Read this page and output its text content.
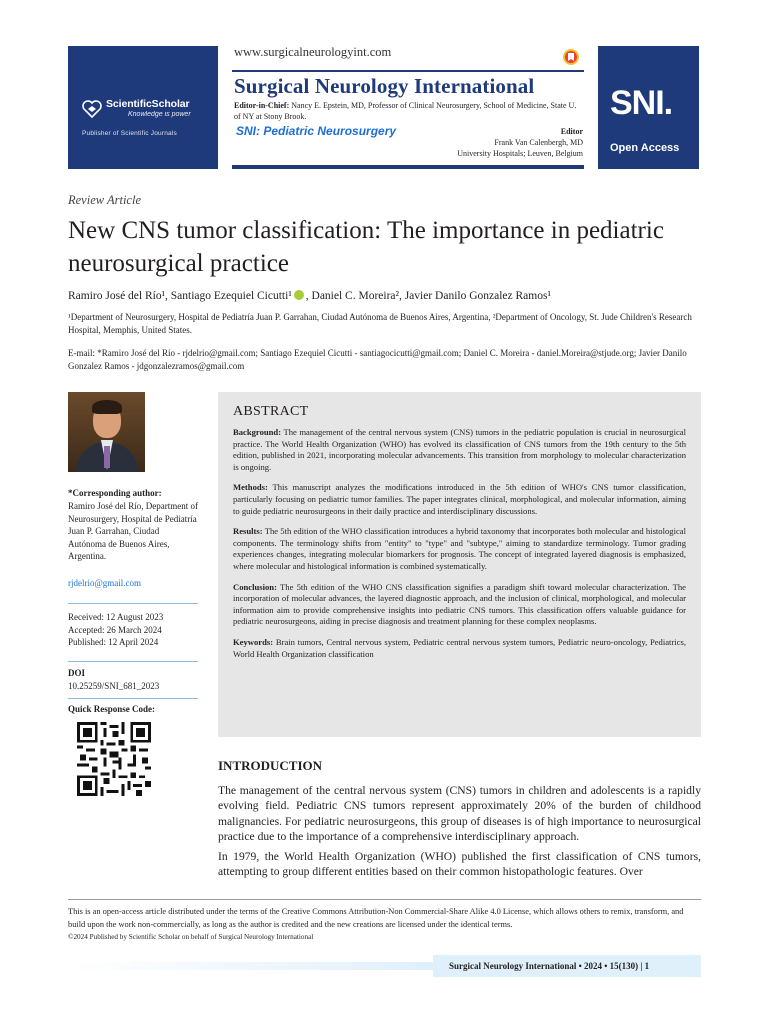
ScientificScholar
Knowledge is power
Publisher of Scientific Journals
www.surgicalneurologyint.com
Surgical Neurology International
Editor-in-Chief: Nancy E. Epstein, MD, Professor of Clinical Neurosurgery, School of Medicine, State U. of NY at Stony Brook.
SNI: Pediatric Neurosurgery	Editor
Frank Van Calenbergh, MD
University Hospitals; Leuven, Belgium
SNI.
Open Access
Review Article
New CNS tumor classification: The importance in pediatric neurosurgical practice
Ramiro José del Río¹, Santiago Ezequiel Cicutti¹ , Daniel C. Moreira², Javier Danilo Gonzalez Ramos¹
¹Department of Neurosurgery, Hospital de Pediatría Juan P. Garrahan, Ciudad Autónoma de Buenos Aires, Argentina, ²Department of Oncology, St. Jude Children's Research Hospital, Memphis, United States.
E-mail: *Ramiro José del Río - rjdelrio@gmail.com; Santiago Ezequiel Cicutti - santiagocicutti@gmail.com; Daniel C. Moreira - daniel.Moreira@stjude.org; Javier Danilo Gonzalez Ramos - jdgonzalezramos@gmail.com
*Corresponding author:
Ramiro José del Río, Department of Neurosurgery, Hospital de Pediatría Juan P. Garrahan, Ciudad Autónoma de Buenos Aires, Argentina.
rjdelrio@gmail.com
Received: 12 August 2023
Accepted: 26 March 2024
Published: 12 April 2024
DOI
10.25259/SNI_681_2023
Quick Response Code:
ABSTRACT

Background: The management of the central nervous system (CNS) tumors in the pediatric population is crucial in neurosurgical practice. The World Health Organization (WHO) has evolved its classification of CNS tumors from the 19th century to the 5th edition, published in 2021, incorporating molecular advancements. This transition from morphology to molecular characterization is ongoing.

Methods: This manuscript analyzes the modifications introduced in the 5th edition of WHO's CNS tumor classification, particularly focusing on pediatric tumor families. The paper integrates clinical, morphological, and molecular information, aiming to guide pediatric neurosurgeons in their daily practice and interdisciplinary discussions.

Results: The 5th edition of the WHO classification introduces a hybrid taxonomy that incorporates both molecular and histological components. The terminology shifts from "entity" to "type" and "subtype," aiming to standardize terminology. Tumor grading experiences changes, integrating molecular biomarkers for prognosis. The concept of integrated layered diagnosis is emphasized, where molecular and histological information is combined systematically.

Conclusion: The 5th edition of the WHO CNS classification signifies a paradigm shift toward molecular characterization. The incorporation of molecular advances, the layered diagnostic approach, and the inclusion of clinical, morphological, and molecular information aim to provide comprehensive insights into pediatric CNS tumors. This classification offers valuable guidance for pediatric neurosurgeons, aiding in precise diagnosis and treatment planning for these complex neoplasms.

Keywords: Brain tumors, Central nervous system, Pediatric central nervous system tumors, Pediatric neuro-oncology, Pediatrics, World Health Organization classification

INTRODUCTION

The management of the central nervous system (CNS) tumors in children and adolescents is a rapidly evolving field. Pediatric CNS tumors represent approximately 20% of the burden of childhood malignancies. For pediatric neurosurgeons, this group of diseases is of high importance to neurosurgical practice due to the importance of a comprehensive interdisciplinary approach.

In 1979, the World Health Organization (WHO) published the first classification of CNS tumors, attempting to group different entities based on their common histopathologic features. Over

This is an open-access article distributed under the terms of the Creative Commons Attribution-Non Commercial-Share Alike 4.0 License, which allows others to remix, transform, and build upon the work non-commercially, as long as the author is credited and the new creations are licensed under the identical terms.
©2024 Published by Scientific Scholar on behalf of Surgical Neurology International
Surgical Neurology International • 2024 • 15(130) | 1
